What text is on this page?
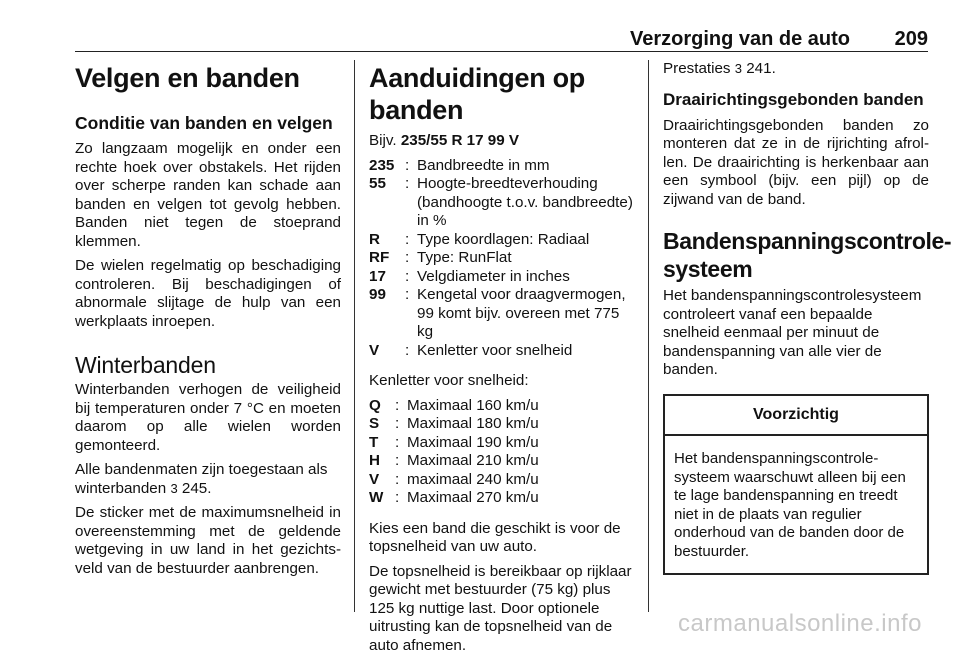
Verzorging van de auto 209
Velgen en banden
Conditie van banden en velgen

Zo langzaam mogelijk en onder een rechte hoek over obstakels. Het rijden over scherpe randen kan schade aan banden en velgen tot gevolg hebben. Banden niet tegen de stoeprand klemmen.

De wielen regelmatig op beschadiging controleren. Bij beschadigingen of abnormale slijtage de hulp van een werkplaats inroepen.

Winterbanden

Winterbanden verhogen de veiligheid bij temperaturen onder 7 °C en moeten daarom op alle wielen worden gemonteerd.

Alle bandenmaten zijn toegestaan als winterbanden 3 245.

De sticker met de maximumsnelheid in overeenstemming met de geldende wetgeving in uw land in het gezichtsveld van de bestuurder aanbrengen.

Aanduidingen op banden

Bijv. 235/55 R 17 99 V

235 : Bandbreedte in mm
55	: Hoogte-breedteverhouding (bandhoogte t.o.v. bandbreedte) in %
R	: Type koordlagen: Radiaal
RF	: Type: RunFlat
17	: Velgdiameter in inches
99	: Kengetal voor draagvermogen, 99 komt bijv. overeen met 775 kg
V	: Kenletter voor snelheid

Kenletter voor snelheid:

Q : Maximaal 160 km/u
S	: Maximaal 180 km/u
T	: Maximaal 190 km/u
H : Maximaal 210 km/u
V	: maximaal 240 km/u
W : Maximaal 270 km/u

Kies een band die geschikt is voor de topsnelheid van uw auto.

De topsnelheid is bereikbaar op rijklaar gewicht met bestuurder (75 kg) plus 125 kg nuttige last. Door optionele uitrusting kan de topsnelheid van de auto afnemen.

Prestaties 3 241.

Draairichtingsgebonden banden

Draairichtingsgebonden banden zo monteren dat ze in de rijrichting afrollen. De draairichting is herkenbaar aan een symbool (bijv. een pijl) op de zijwand van de band.

Bandenspanningscontrole-
systeem

Het bandenspanningscontrolesysteem controleert vanaf een bepaalde snelheid eenmaal per minuut de bandenspanning van alle vier de banden.

Voorzichtig
Het bandenspanningscontrolesysteem waarschuwt alleen bij een te lage bandenspanning en treedt niet in de plaats van regulier onderhoud van de banden door de bestuurder.
carmanualsonline.info
